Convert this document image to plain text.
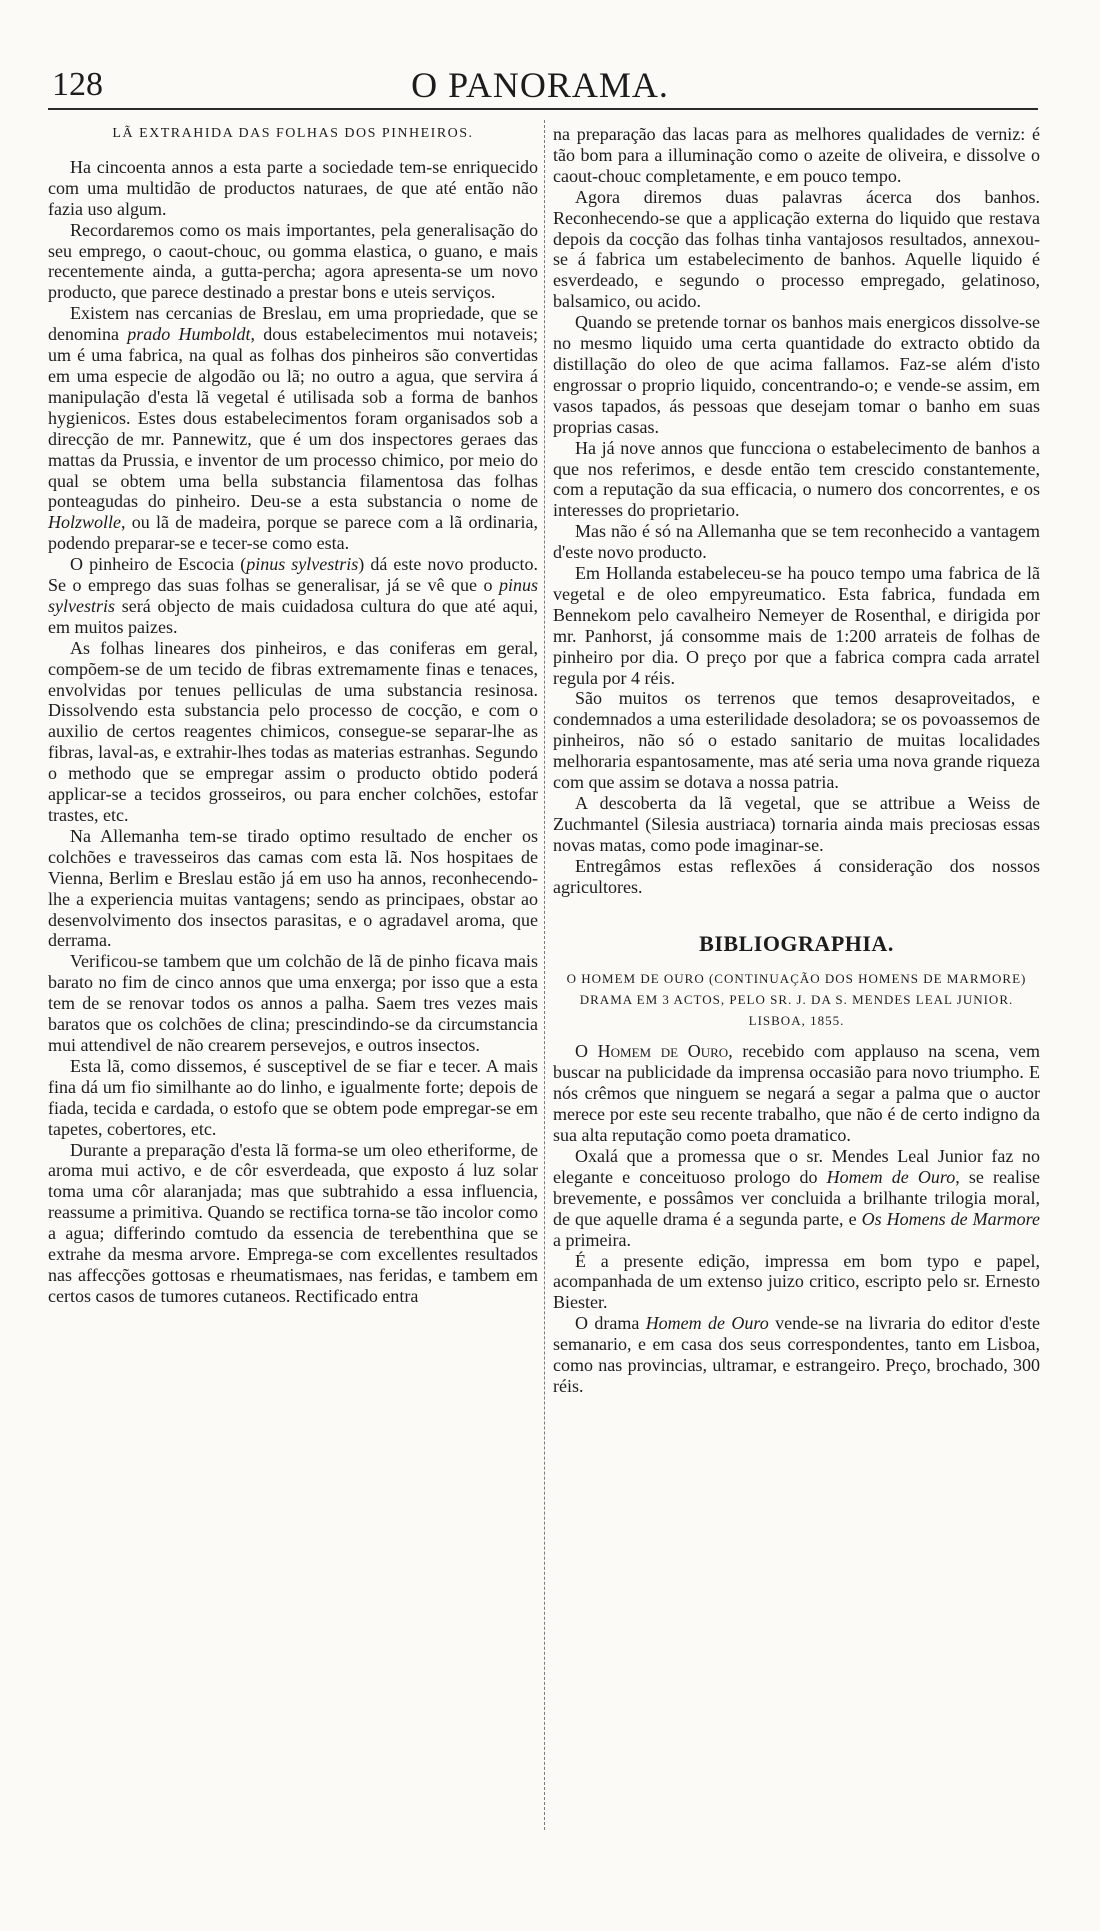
128	O PANORAMA.
LÃ EXTRAHIDA DAS FOLHAS DOS PINHEIROS.

Ha cincoenta annos a esta parte a sociedade tem-se enriquecido com uma multidão de productos naturaes, de que até então não fazia uso algum.

Recordaremos como os mais importantes, pela generalisação do seu emprego, o caout-chouc, ou gomma elastica, o guano, e mais recentemente ainda, a gutta-percha; agora apresenta-se um novo producto, que parece destinado a prestar bons e uteis serviços.

Existem nas cercanias de Breslau, em uma propriedade, que se denomina prado Humboldt, dous estabelecimentos mui notaveis; um é uma fabrica, na qual as folhas dos pinheiros são convertidas em uma especie de algodão ou lã; no outro a agua, que servira á manipulação d'esta lã vegetal é utilisada sob a forma de banhos hygienicos. Estes dous estabelecimentos foram organisados sob a direcção de mr. Pannewitz, que é um dos inspectores geraes das mattas da Prussia, e inventor de um processo chimico, por meio do qual se obtem uma bella substancia filamentosa das folhas ponteagudas do pinheiro. Deu-se a esta substancia o nome de Holzwolle, ou lã de madeira, porque se parece com a lã ordinaria, podendo preparar-se e tecer-se como esta.

O pinheiro de Escocia (pinus sylvestris) dá este novo producto. Se o emprego das suas folhas se generalisar, já se vê que o pinus sylvestris será objecto de mais cuidadosa cultura do que até aqui, em muitos paizes.

As folhas lineares dos pinheiros, e das coniferas em geral, compõem-se de um tecido de fibras extremamente finas e tenaces, envolvidas por tenues pelliculas de uma substancia resinosa. Dissolvendo esta substancia pelo processo de cocção, e com o auxilio de certos reagentes chimicos, consegue-se separar-lhe as fibras, laval-as, e extrahir-lhes todas as materias estranhas. Segundo o methodo que se empregar assim o producto obtido poderá applicar-se a tecidos grosseiros, ou para encher colchões, estofar trastes, etc.

Na Allemanha tem-se tirado optimo resultado de encher os colchões e travesseiros das camas com esta lã. Nos hospitaes de Vienna, Berlim e Breslau estão já em uso ha annos, reconhecendo-lhe a experiencia muitas vantagens; sendo as principaes, obstar ao desenvolvimento dos insectos parasitas, e o agradavel aroma, que derrama.

Verificou-se tambem que um colchão de lã de pinho ficava mais barato no fim de cinco annos que uma enxerga; por isso que a esta tem de se renovar todos os annos a palha. Saem tres vezes mais baratos que os colchões de clina; prescindindo-se da circumstancia mui attendivel de não crearem persevejos, e outros insectos.

Esta lã, como dissemos, é susceptivel de se fiar e tecer. A mais fina dá um fio similhante ao do linho, e igualmente forte; depois de fiada, tecida e cardada, o estofo que se obtem pode empregar-se em tapetes, cobertores, etc.

Durante a preparação d'esta lã forma-se um oleo etheriforme, de aroma mui activo, e de côr esverdeada, que exposto á luz solar toma uma côr alaranjada; mas que subtrahido a essa influencia, reassume a primitiva. Quando se rectifica torna-se tão incolor como a agua; differindo comtudo da essencia de terebenthina que se extrahe da mesma arvore. Emprega-se com excellentes resultados nas affecções gottosas e rheumatismaes, nas feridas, e tambem em certos casos de tumores cutaneos. Rectificado entra

na preparação das lacas para as melhores qualidades de verniz: é tão bom para a illuminação como o azeite de oliveira, e dissolve o caout-chouc completamente, e em pouco tempo.

Agora diremos duas palavras ácerca dos banhos. Reconhecendo-se que a applicação externa do liquido que restava depois da cocção das folhas tinha vantajosos resultados, annexou-se á fabrica um estabelecimento de banhos. Aquelle liquido é esverdeado, e segundo o processo empregado, gelatinoso, balsamico, ou acido.

Quando se pretende tornar os banhos mais energicos dissolve-se no mesmo liquido uma certa quantidade do extracto obtido da distillação do oleo de que acima fallamos. Faz-se além d'isto engrossar o proprio liquido, concentrando-o; e vende-se assim, em vasos tapados, ás pessoas que desejam tomar o banho em suas proprias casas.

Ha já nove annos que funcciona o estabelecimento de banhos a que nos referimos, e desde então tem crescido constantemente, com a reputação da sua efficacia, o numero dos concorrentes, e os interesses do proprietario.

Mas não é só na Allemanha que se tem reconhecido a vantagem d'este novo producto.

Em Hollanda estabeleceu-se ha pouco tempo uma fabrica de lã vegetal e de oleo empyreumatico. Esta fabrica, fundada em Bennekom pelo cavalheiro Nemeyer de Rosenthal, e dirigida por mr. Panhorst, já consomme mais de 1:200 arrateis de folhas de pinheiro por dia. O preço por que a fabrica compra cada arratel regula por 4 réis.

São muitos os terrenos que temos desaproveitados, e condemnados a uma esterilidade desoladora; se os povoassemos de pinheiros, não só o estado sanitario de muitas localidades melhoraria espantosamente, mas até seria uma nova grande riqueza com que assim se dotava a nossa patria.

A descoberta da lã vegetal, que se attribue a Weiss de Zuchmantel (Silesia austriaca) tornaria ainda mais preciosas essas novas matas, como pode imaginar-se.

Entregâmos estas reflexões á consideração dos nossos agricultores.

BIBLIOGRAPHIA.
O HOMEM DE OURO (CONTINUAÇÃO DOS HOMENS DE MARMORE) DRAMA EM 3 ACTOS, PELO SR. J. DA S. MENDES LEAL JUNIOR. LISBOA, 1855.

O Homem de Ouro, recebido com applauso na scena, vem buscar na publicidade da imprensa occasião para novo triumpho. E nós crêmos que ninguem se negará a segar a palma que o auctor merece por este seu recente trabalho, que não é de certo indigno da sua alta reputação como poeta dramatico.

Oxalá que a promessa que o sr. Mendes Leal Junior faz no elegante e conceituoso prologo do Homem de Ouro, se realise brevemente, e possâmos ver concluida a brilhante trilogia moral, de que aquelle drama é a segunda parte, e Os Homens de Marmore a primeira.

É a presente edição, impressa em bom typo e papel, acompanhada de um extenso juizo critico, escripto pelo sr. Ernesto Biester.

O drama Homem de Ouro vende-se na livraria do editor d'este semanario, e em casa dos seus correspondentes, tanto em Lisboa, como nas provincias, ultramar, e estrangeiro. Preço, brochado, 300 réis.
